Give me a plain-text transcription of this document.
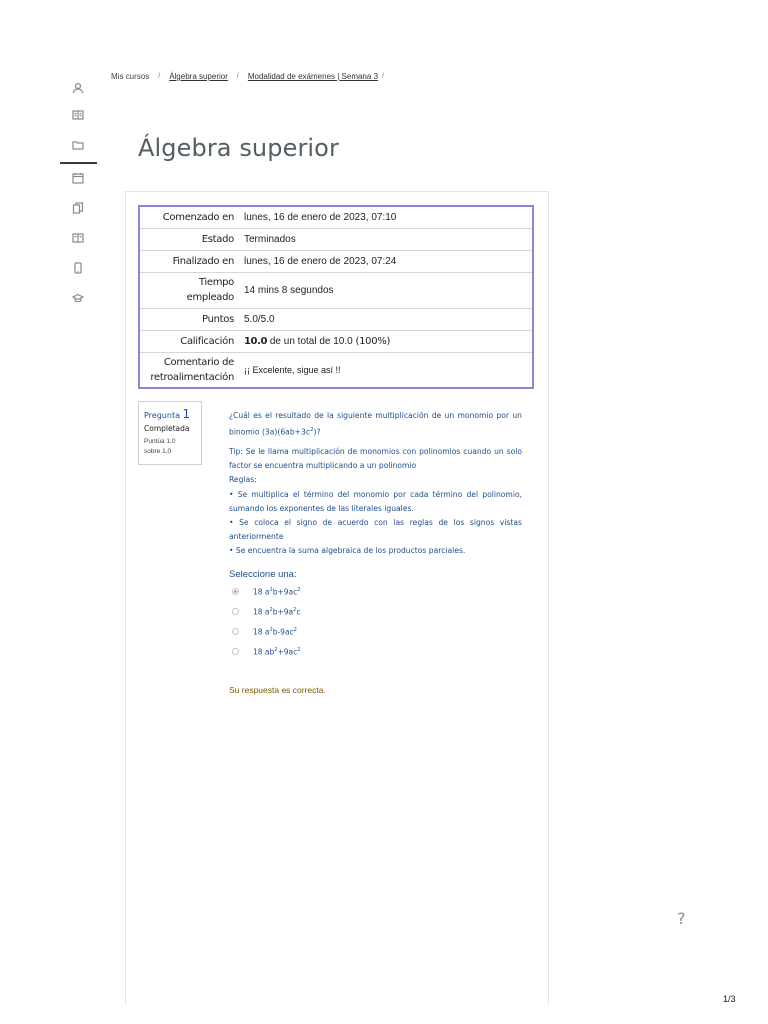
Mis cursos / Álgebra superior / Modalidad de exámenes | Semana 3 /
Álgebra superior
Comenzado en	lunes, 16 de enero de 2023, 07:10
Estado	Terminados
Finalizado en	lunes, 16 de enero de 2023, 07:24
Tiempo
empleado	14 mins 8 segundos
Puntos	5.0/5.0
Calificación	10.0 de un total de 10.0 (100%)
Comentario de
retroalimentación	¡¡ Excelente, sigue así !!
Pregunta 1
Completada
Puntúa 1,0 sobre 1,0

¿Cuál es el resultado de la siguiente multiplicación de un monomio por un binomio $(3a)(6ab+3c^2)$?

Tip: Se le llama multiplicación de monomios con polinomios cuando un solo factor se encuentra multiplicando a un polinomio

Reglas:

• Se multiplica el término del monomio por cada término del polinomio, sumando los exponentes de las literales iguales.

• Se coloca el signo de acuerdo con las reglas de los signos vistas anteriormente

• Se encuentra la suma algebraica de los productos parciales.

Seleccione una:
18 $a^2b+9ac^2$
18 $a^2b+9a^2c$
18 $a^2b-9ac^2$
18 $ab^2+9ac^2$
Su respuesta es correcta.
?
1/3
